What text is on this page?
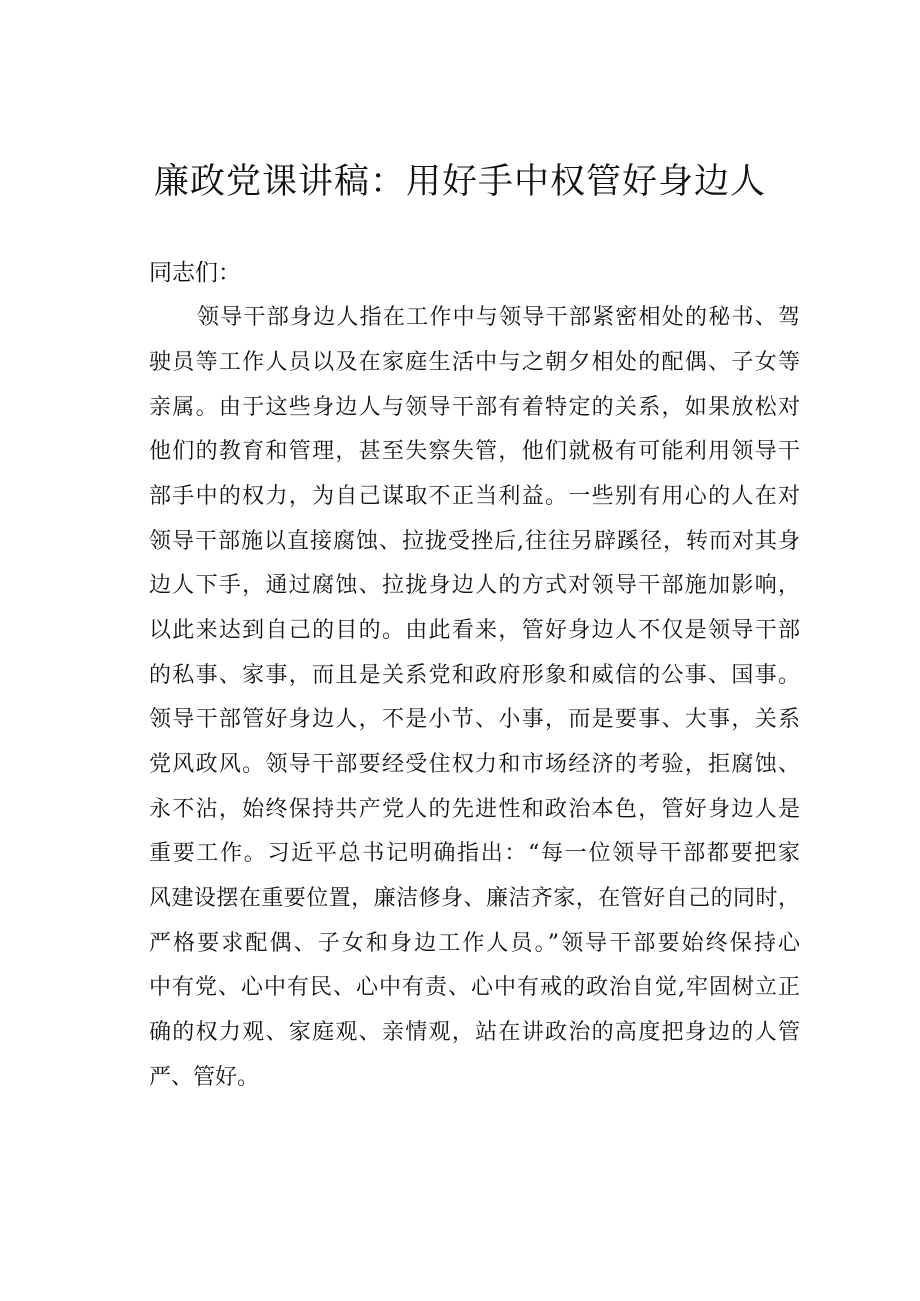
廉政党课讲稿：用好手中权管好身边人
同志们：
领导干部身边人指在工作中与领导干部紧密相处的秘书、驾
驶员等工作人员以及在家庭生活中与之朝夕相处的配偶、子女等
亲属。由于这些身边人与领导干部有着特定的关系，如果放松对
他们的教育和管理，甚至失察失管，他们就极有可能利用领导干
部手中的权力，为自己谋取不正当利益。一些别有用心的人在对
领导干部施以直接腐蚀、拉拢受挫后,往往另辟蹊径，转而对其身
边人下手，通过腐蚀、拉拢身边人的方式对领导干部施加影响，
以此来达到自己的目的。由此看来，管好身边人不仅是领导干部
的私事、家事，而且是关系党和政府形象和威信的公事、国事。
领导干部管好身边人，不是小节、小事，而是要事、大事，关系
党风政风。领导干部要经受住权力和市场经济的考验，拒腐蚀、
永不沾，始终保持共产党人的先进性和政治本色，管好身边人是
重要工作。习近平总书记明确指出：“每一位领导干部都要把家
风建设摆在重要位置，廉洁修身、廉洁齐家，在管好自己的同时，
严格要求配偶、子女和身边工作人员。”领导干部要始终保持心
中有党、心中有民、心中有责、心中有戒的政治自觉,牢固树立正
确的权力观、家庭观、亲情观，站在讲政治的高度把身边的人管
严、管好。
